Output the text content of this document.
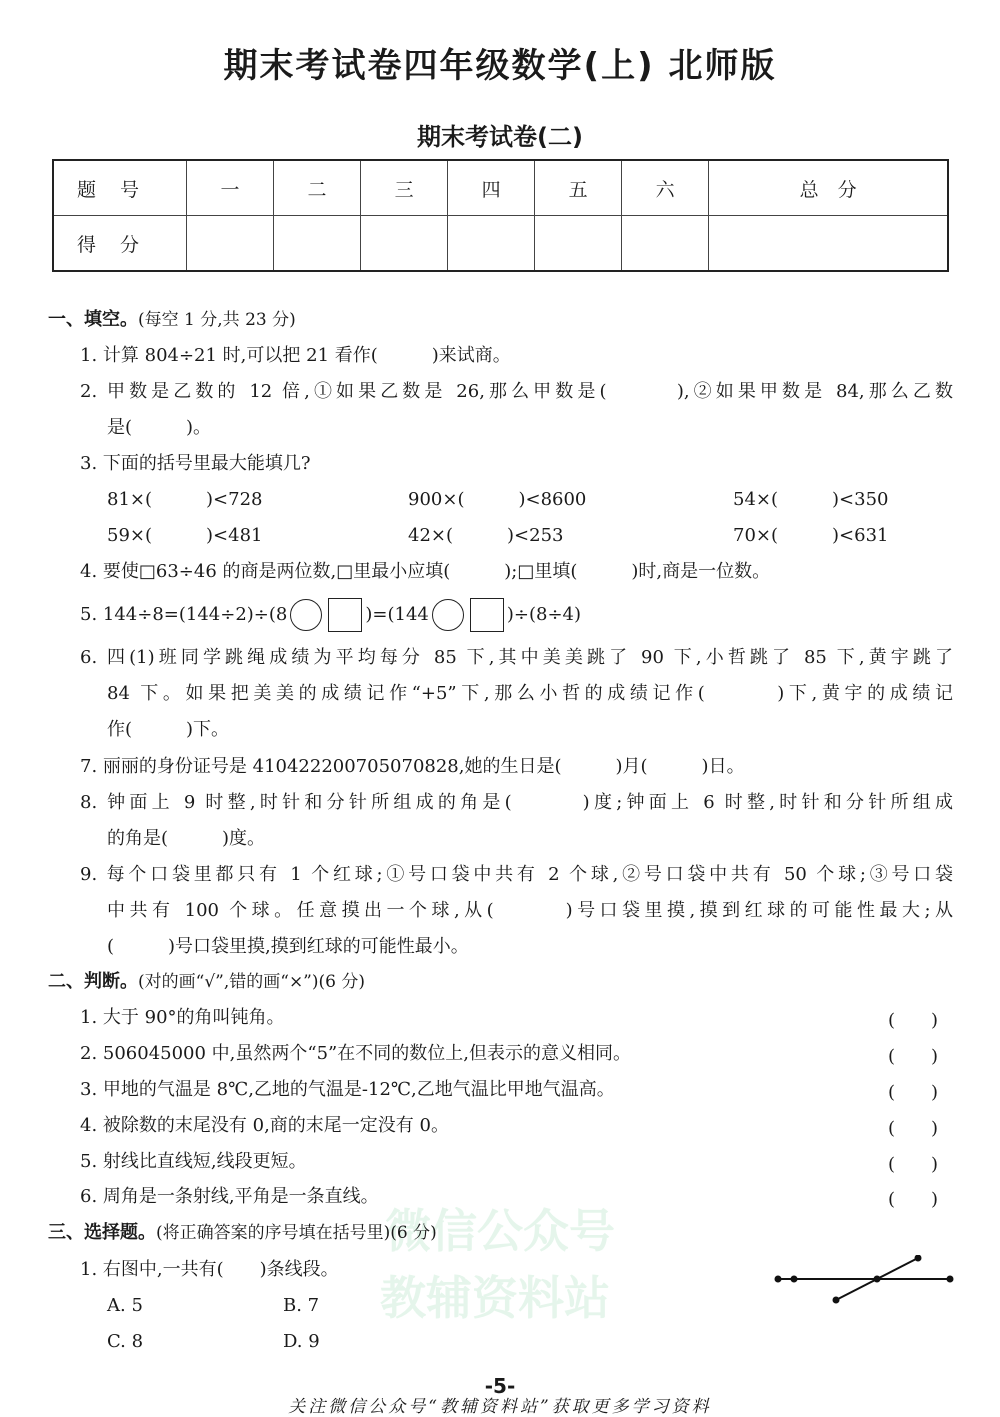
期末考试卷四年级数学(上) 北师版
期末考试卷(二)
题号	一	二	三	四	五	六	总　分
得分							
微信公众号
教辅资料站
一、填空。(每空 1 分,共 23 分)
1. 计算 804÷21 时,可以把 21 看作(　　　)来试商。
2. 甲数是乙数的 12 倍,①如果乙数是 26,那么甲数是(　　　),②如果甲数是 84,那么乙数
是(　　　)。
3. 下面的括号里最大能填几?
81×(　　　)<728	900×(　　　)<8600	54×(　　　)<350
59×(　　　)<481	42×(　　　)<253	70×(　　　)<631
4. 要使□63÷46 的商是两位数,□里最小应填(　　　);□里填(　　　)时,商是一位数。
5. 144÷8=(144÷2)÷(8	)=(144	)÷(8÷4)
6. 四(1)班同学跳绳成绩为平均每分 85 下,其中美美跳了 90 下,小哲跳了 85 下,黄宇跳了
84 下。如果把美美的成绩记作“+5”下,那么小哲的成绩记作(　　　)下,黄宇的成绩记
作(　　　)下。
7. 丽丽的身份证号是 410422200705070828,她的生日是(　　　)月(　　　)日。
8. 钟面上 9 时整,时针和分针所组成的角是(　　　)度;钟面上 6 时整,时针和分针所组成
的角是(　　　)度。
9. 每个口袋里都只有 1 个红球;①号口袋中共有 2 个球,②号口袋中共有 50 个球;③号口袋
中共有 100 个球。任意摸出一个球,从(　　　)号口袋里摸,摸到红球的可能性最大;从
(　　　)号口袋里摸,摸到红球的可能性最小。
二、判断。(对的画“√”,错的画“×”)(6 分)
1. 大于 90°的角叫钝角。	(　　)
2. 506045000 中,虽然两个“5”在不同的数位上,但表示的意义相同。	(　　)
3. 甲地的气温是 8℃,乙地的气温是-12℃,乙地气温比甲地气温高。	(　　)
4. 被除数的末尾没有 0,商的末尾一定没有 0。	(　　)
5. 射线比直线短,线段更短。	(　　)
6. 周角是一条射线,平角是一条直线。	(　　)
三、选择题。(将正确答案的序号填在括号里)(6 分)
1. 右图中,一共有(　　)条线段。
A. 5	B. 7
C. 8	D. 9
-5-
关注微信公众号“教辅资料站”获取更多学习资料
